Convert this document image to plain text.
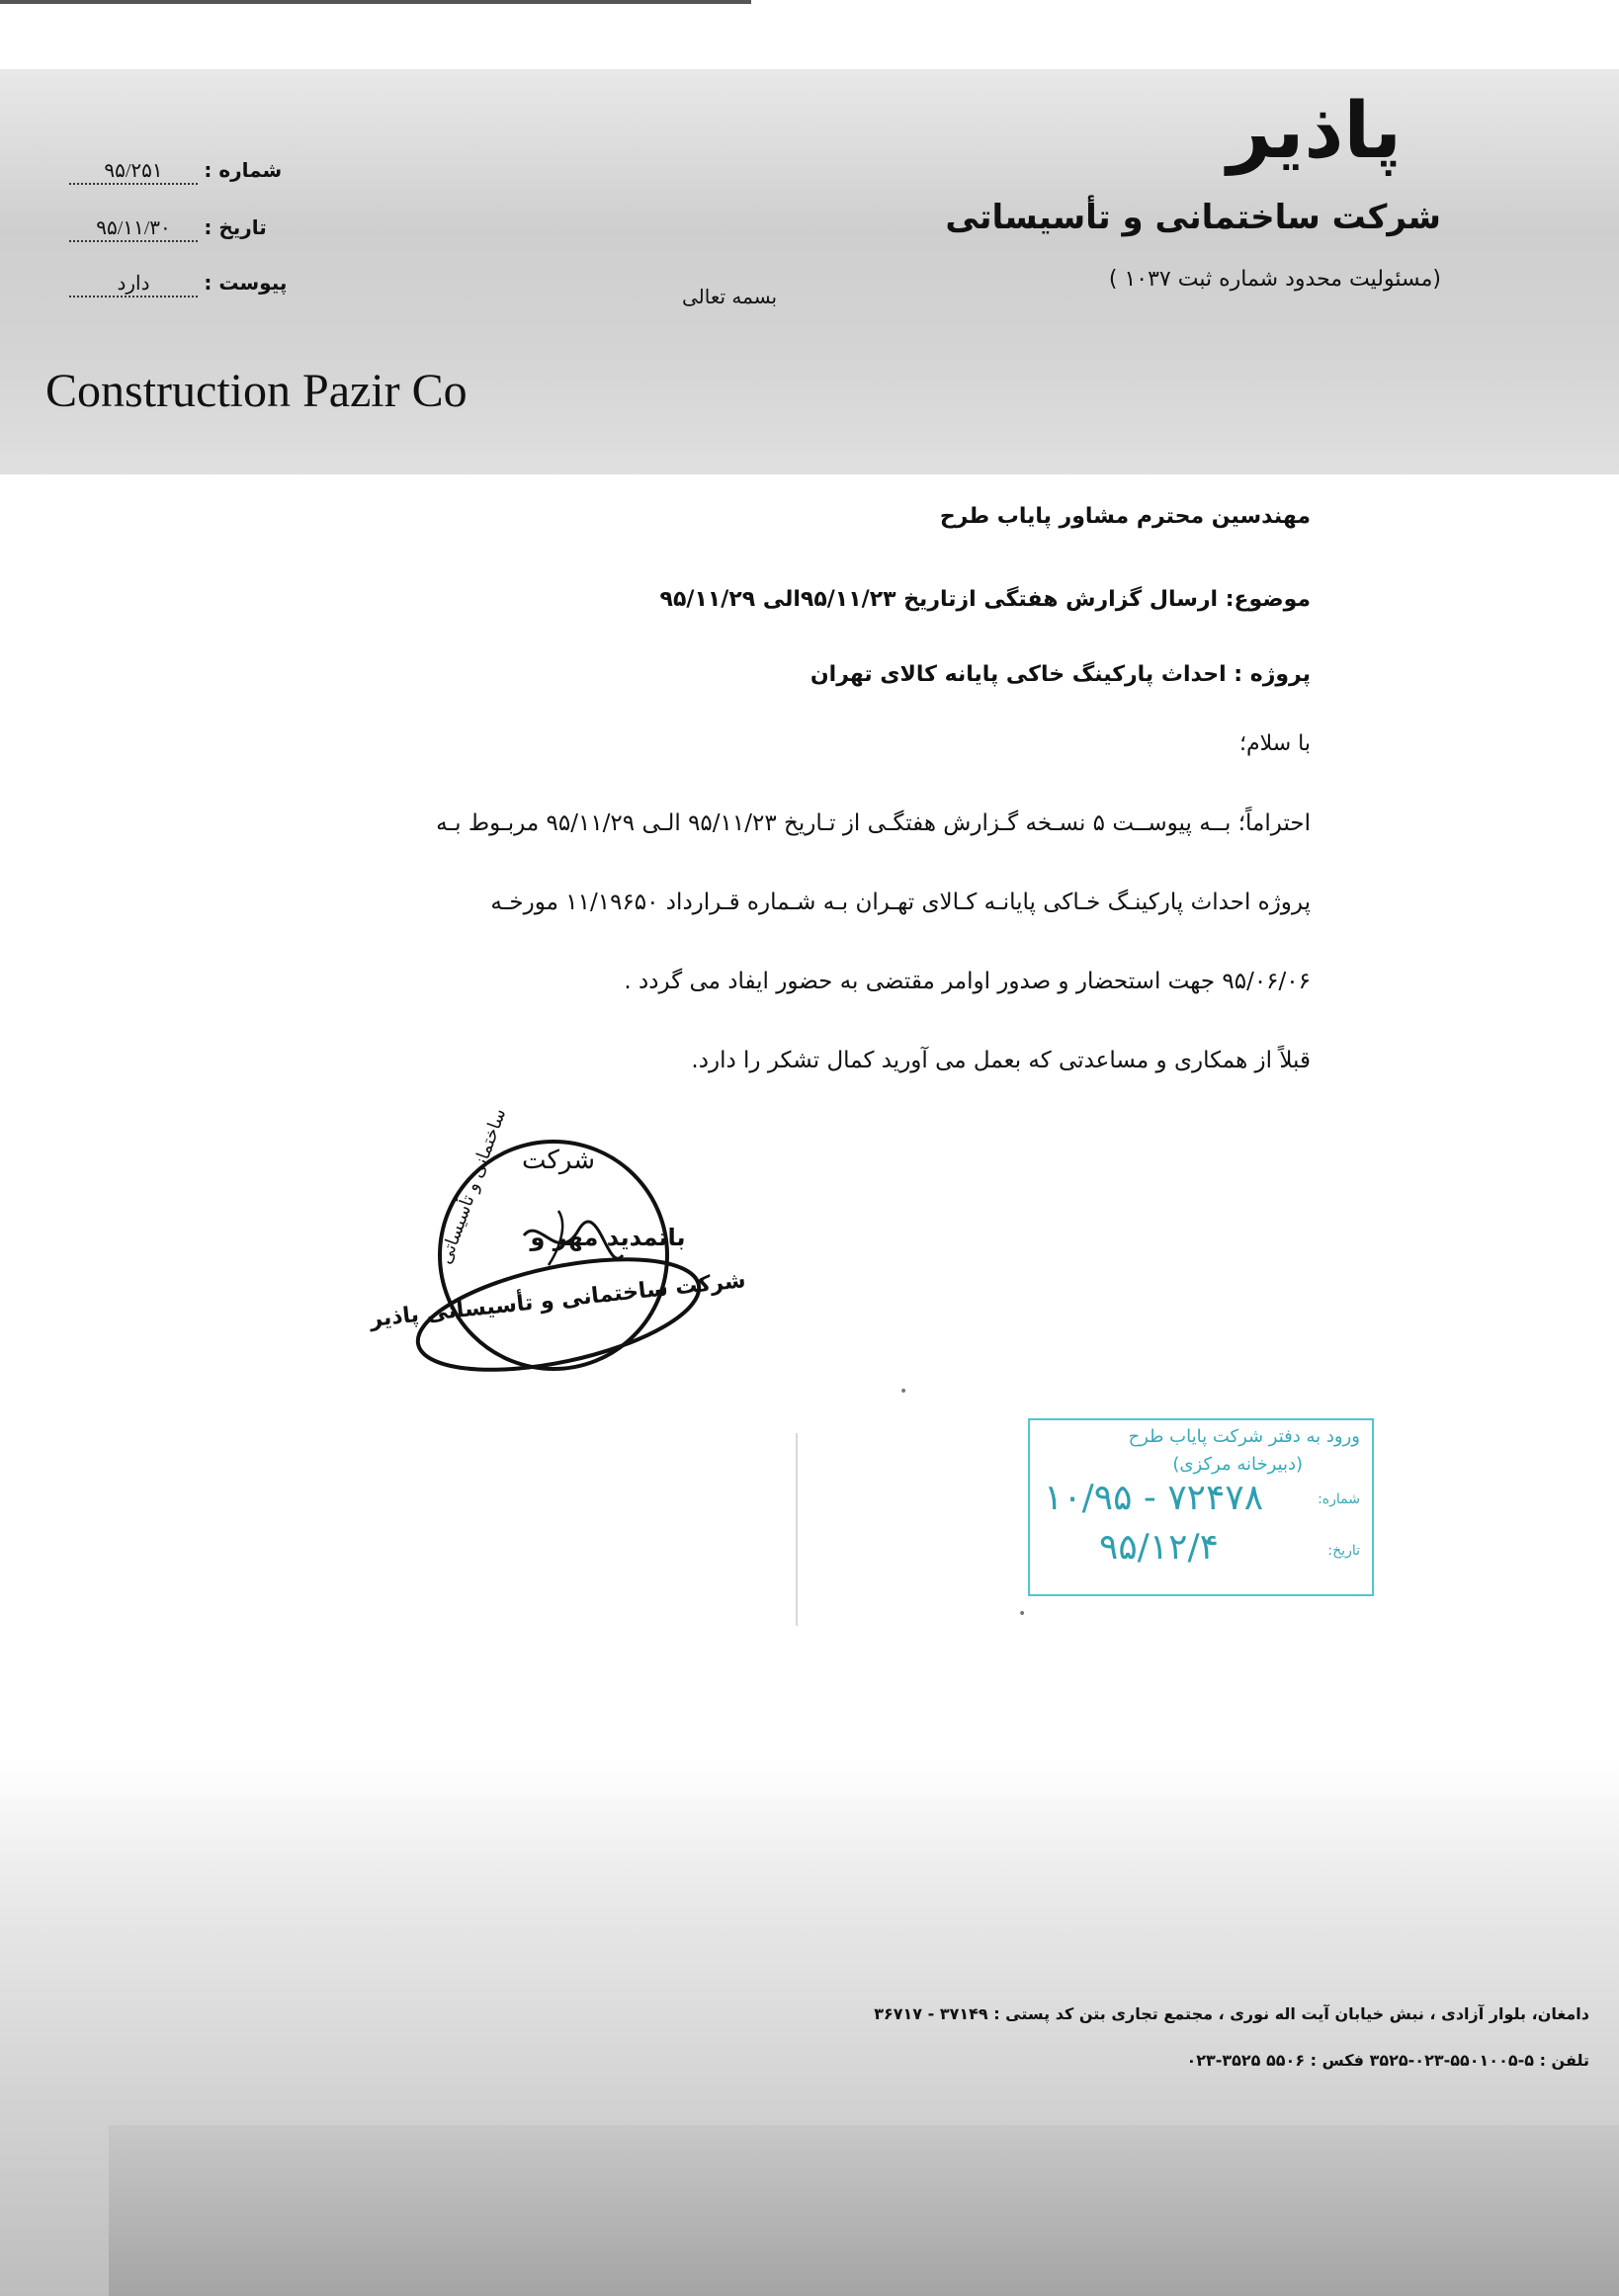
پاذیر
شرکت ساختمانی و تأسیساتی
(مسئولیت محدود شماره ثبت ۱۰۳۷ )
بسمه تعالی
Construction Pazir Co
شماره : ۹۵/۲۵۱
تاریخ : ۹۵/۱۱/۳۰
پیوست : دارد
مهندسین محترم مشاور پایاب طرح
موضوع: ارسال گزارش هفتگی ازتاریخ ۹۵/۱۱/۲۳الی ۹۵/۱۱/۲۹
پروژه : احداث پارکینگ خاکی پایانه کالای تهران
با سلام؛
احتراماً؛ بــه پیوســت ۵ نسـخه گـزارش هفتگـی از تـاریخ ۹۵/۱۱/۲۳ الـی ۹۵/۱۱/۲۹ مربـوط بـه
پروژه احداث پارکینـگ خـاکی پایانـه کـالای تهـران بـه شـماره قـرارداد ۱۱/۱۹۶۵۰ مورخـه
۹۵/۰۶/۰۶ جهت استحضار و صدور اوامر مقتضی به حضور ایفاد می گردد .
قبلاً از همکاری و مساعدتی که بعمل می آورید کمال تشکر را دارد.
شرکت
ساختمانی و تأسیساتی باتمدید مهر و
شرکت ساختمانی و تأسیساتی پاذیر
•
•
ورود به دفتر شرکت پایاب طرح
(دبیرخانه مرکزی)
شماره:
۱۰/۹۵ - ۷۲۴۷۸
تاریخ:
۹۵/۱۲/۴
دامغان، بلوار آزادی ، نبش خیابان آیت اله نوری ، مجتمع تجاری بتن کد پستی : ۳۷۱۴۹ - ۳۶۷۱۷
تلفن : ۵-۵۵۰۱۰۰۵-۰۲۳-۳۵۲۵ فکس : ۵۵۰۶ ۳۵۲۵-۰۲۳
